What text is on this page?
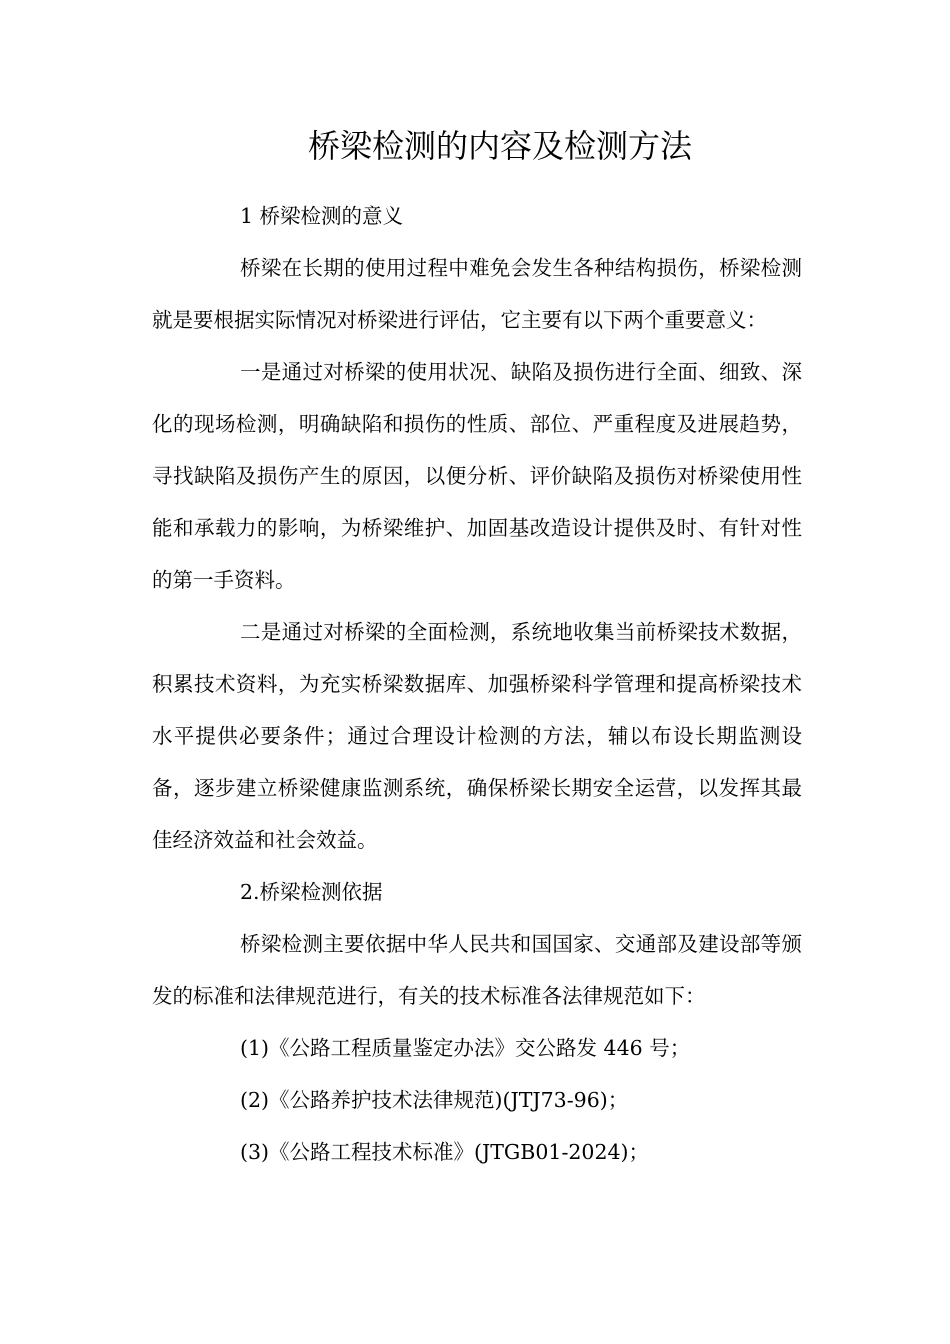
桥梁检测的内容及检测方法

1 桥梁检测的意义

桥梁在长期的使用过程中难免会发生各种结构损伤，桥梁检测就是要根据实际情况对桥梁进行评估，它主要有以下两个重要意义：

一是通过对桥梁的使用状况、缺陷及损伤进行全面、细致、深化的现场检测，明确缺陷和损伤的性质、部位、严重程度及进展趋势，寻找缺陷及损伤产生的原因，以便分析、评价缺陷及损伤对桥梁使用性能和承载力的影响，为桥梁维护、加固基改造设计提供及时、有针对性的第一手资料。

二是通过对桥梁的全面检测，系统地收集当前桥梁技术数据，积累技术资料，为充实桥梁数据库、加强桥梁科学管理和提高桥梁技术水平提供必要条件；通过合理设计检测的方法，辅以布设长期监测设备，逐步建立桥梁健康监测系统，确保桥梁长期安全运营，以发挥其最佳经济效益和社会效益。

2.桥梁检测依据

桥梁检测主要依据中华人民共和国国家、交通部及建设部等颁发的标准和法律规范进行，有关的技术标准各法律规范如下：

(1)《公路工程质量鉴定办法》交公路发 446 号；

(2)《公路养护技术法律规范)(JTJ73-96)；

(3)《公路工程技术标准》(JTGB01-2024)；
